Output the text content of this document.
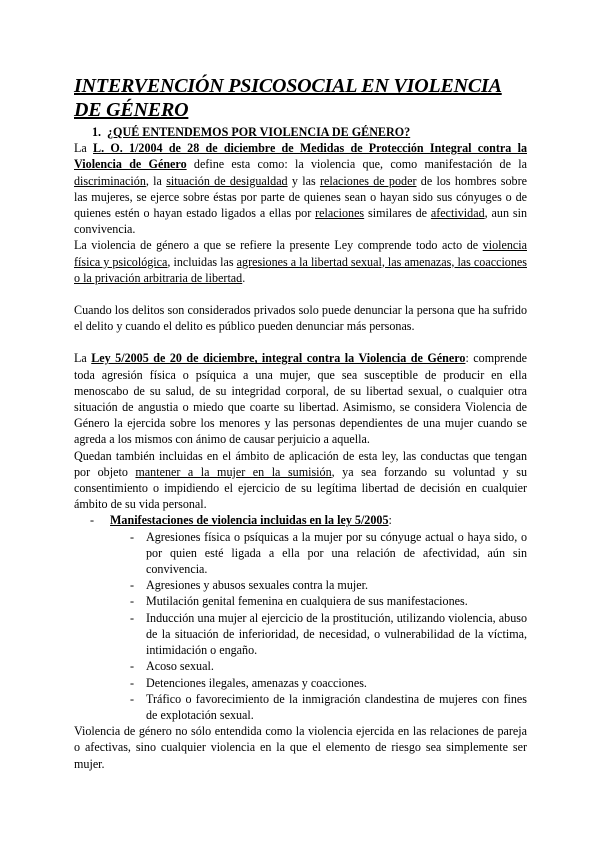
INTERVENCIÓN PSICOSOCIAL EN VIOLENCIA DE GÉNERO
1. ¿QUÉ ENTENDEMOS POR VIOLENCIA DE GÉNERO?

La L. O. 1/2004 de 28 de diciembre de Medidas de Protección Integral contra la Violencia de Género define esta como: la violencia que, como manifestación de la discriminación, la situación de desigualdad y las relaciones de poder de los hombres sobre las mujeres, se ejerce sobre éstas por parte de quienes sean o hayan sido sus cónyuges o de quienes estén o hayan estado ligados a ellas por relaciones similares de afectividad, aun sin convivencia.

La violencia de género a que se refiere la presente Ley comprende todo acto de violencia física y psicológica, incluidas las agresiones a la libertad sexual, las amenazas, las coacciones o la privación arbitraria de libertad.

Cuando los delitos son considerados privados solo puede denunciar la persona que ha sufrido el delito y cuando el delito es público pueden denunciar más personas.

La Ley 5/2005 de 20 de diciembre, integral contra la Violencia de Género: comprende toda agresión física o psíquica a una mujer, que sea susceptible de producir en ella menoscabo de su salud, de su integridad corporal, de su libertad sexual, o cualquier otra situación de angustia o miedo que coarte su libertad. Asimismo, se considera Violencia de Género la ejercida sobre los menores y las personas dependientes de una mujer cuando se agreda a los mismos con ánimo de causar perjuicio a aquella.

Quedan también incluidas en el ámbito de aplicación de esta ley, las conductas que tengan por objeto mantener a la mujer en la sumisión, ya sea forzando su voluntad y su consentimiento o impidiendo el ejercicio de su legítima libertad de decisión en cualquier ámbito de su vida personal.

-	Manifestaciones de violencia incluidas en la ley 5/2005:
- Agresiones física o psíquicas a la mujer por su cónyuge actual o haya sido, o por quien esté ligada a ella por una relación de afectividad, aún sin convivencia.
- Agresiones y abusos sexuales contra la mujer.
- Mutilación genital femenina en cualquiera de sus manifestaciones.
- Inducción una mujer al ejercicio de la prostitución, utilizando violencia, abuso de la situación de inferioridad, de necesidad, o vulnerabilidad de la víctima, intimidación o engaño.
- Acoso sexual.
- Detenciones ilegales, amenazas y coacciones.
- Tráfico o favorecimiento de la inmigración clandestina de mujeres con fines de explotación sexual.

Violencia de género no sólo entendida como la violencia ejercida en las relaciones de pareja o afectivas, sino cualquier violencia en la que el elemento de riesgo sea simplemente ser mujer.
